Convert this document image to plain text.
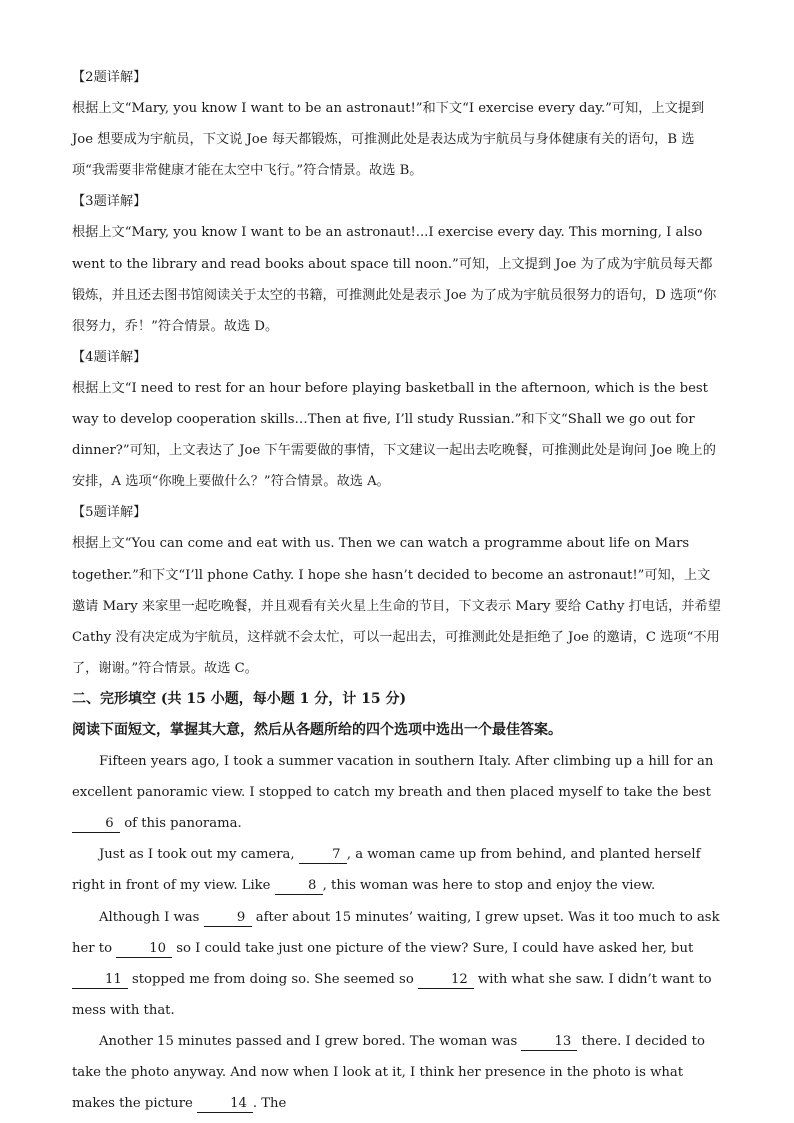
【2题详解】

根据上文“Mary, you know I want to be an astronaut!”和下文“I exercise every day.”可知，上文提到 Joe 想要成为宇航员，下文说 Joe 每天都锻炼，可推测此处是表达成为宇航员与身体健康有关的语句，B 选项“我需要非常健康才能在太空中飞行。”符合情景。故选 B。

【3题详解】

根据上文“Mary, you know I want to be an astronaut!...I exercise every day. This morning, I also went to the library and read books about space till noon.”可知，上文提到 Joe 为了成为宇航员每天都锻炼，并且还去图书馆阅读关于太空的书籍，可推测此处是表示 Joe 为了成为宇航员很努力的语句，D 选项“你很努力，乔！”符合情景。故选 D。

【4题详解】

根据上文“I need to rest for an hour before playing basketball in the afternoon, which is the best way to develop cooperation skills…Then at five, I’ll study Russian.”和下文“Shall we go out for dinner?”可知，上文表达了 Joe 下午需要做的事情，下文建议一起出去吃晚餐，可推测此处是询问 Joe 晚上的安排，A 选项“你晚上要做什么？”符合情景。故选 A。

【5题详解】

根据上文“You can come and eat with us. Then we can watch a programme about life on Mars together.”和下文“I’ll phone Cathy. I hope she hasn’t decided to become an astronaut!”可知，上文邀请 Mary 来家里一起吃晚餐，并且观看有关火星上生命的节目，下文表示 Mary 要给 Cathy 打电话，并希望 Cathy 没有决定成为宇航员，这样就不会太忙，可以一起出去，可推测此处是拒绝了 Joe 的邀请，C 选项“不用了，谢谢。”符合情景。故选 C。

二、完形填空 (共 15 小题，每小题 1 分，计 15 分)

阅读下面短文，掌握其大意，然后从各题所给的四个选项中选出一个最佳答案。

Fifteen years ago, I took a summer vacation in southern Italy. After climbing up a hill for an excellent panoramic view. I stopped to catch my breath and then placed myself to take the best 6 of this panorama.

Just as I took out my camera,	7 , a woman came up from behind, and planted herself right in front of my view. Like	8 , this woman was here to stop and enjoy the view.

Although I was	9 after about 15 minutes’ waiting, I grew upset. Was it too much to ask her to	10 so I could take just one picture of the view? Sure, I could have asked her, but 11 stopped me from doing so. She seemed so	12 with what she saw. I didn’t want to mess with that.

Another 15 minutes passed and I grew bored. The woman was	13 there. I decided to take the photo anyway. And now when I look at it, I think her presence in the photo is what makes the picture	14 . The
